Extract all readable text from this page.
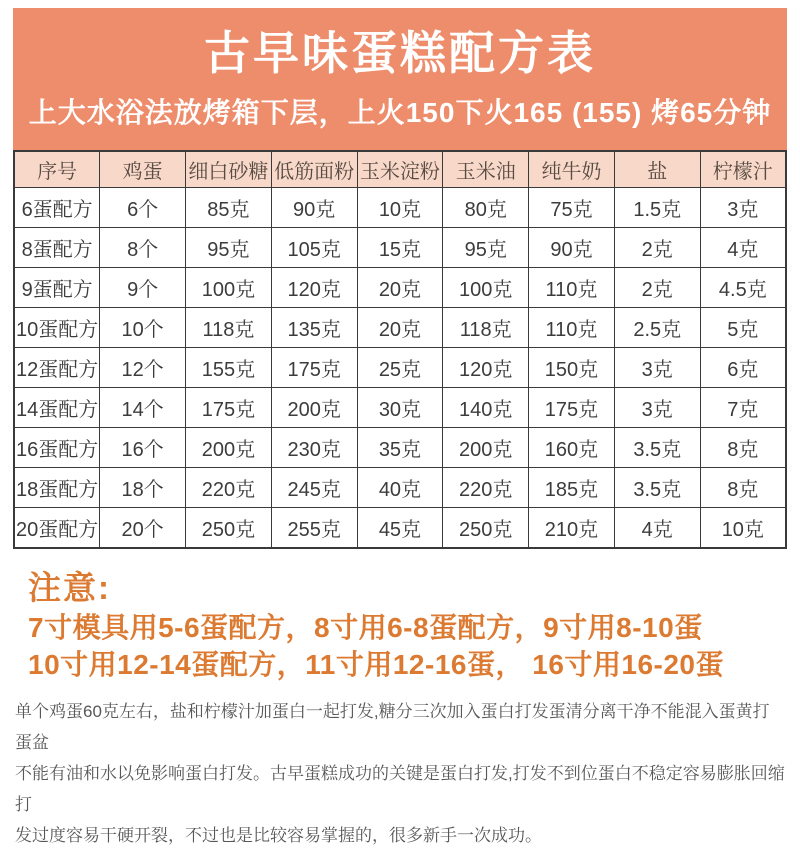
古早味蛋糕配方表
上大水浴法放烤箱下层，上火150下火165 (155) 烤65分钟
序号	鸡蛋	细白砂糖	低筋面粉	玉米淀粉	玉米油	纯牛奶	盐	柠檬汁
6蛋配方	6个	85克	90克	10克	80克	75克	1.5克	3克
8蛋配方	8个	95克	105克	15克	95克	90克	2克	4克
9蛋配方	9个	100克	120克	20克	100克	110克	2克	4.5克
10蛋配方	10个	118克	135克	20克	118克	110克	2.5克	5克
12蛋配方	12个	155克	175克	25克	120克	150克	3克	6克
14蛋配方	14个	175克	200克	30克	140克	175克	3克	7克
16蛋配方	16个	200克	230克	35克	200克	160克	3.5克	8克
18蛋配方	18个	220克	245克	40克	220克	185克	3.5克	8克
20蛋配方	20个	250克	255克	45克	250克	210克	4克	10克
注意:
7寸模具用5-6蛋配方，8寸用6-8蛋配方，9寸用8-10蛋
10寸用12-14蛋配方，11寸用12-16蛋， 16寸用16-20蛋
单个鸡蛋60克左右，盐和柠檬汁加蛋白一起打发,糖分三次加入蛋白打发蛋清分离干净不能混入蛋黄打蛋盆
不能有油和水以免影响蛋白打发。古早蛋糕成功的关键是蛋白打发,打发不到位蛋白不稳定容易膨胀回缩打
发过度容易干硬开裂，不过也是比较容易掌握的，很多新手一次成功。
